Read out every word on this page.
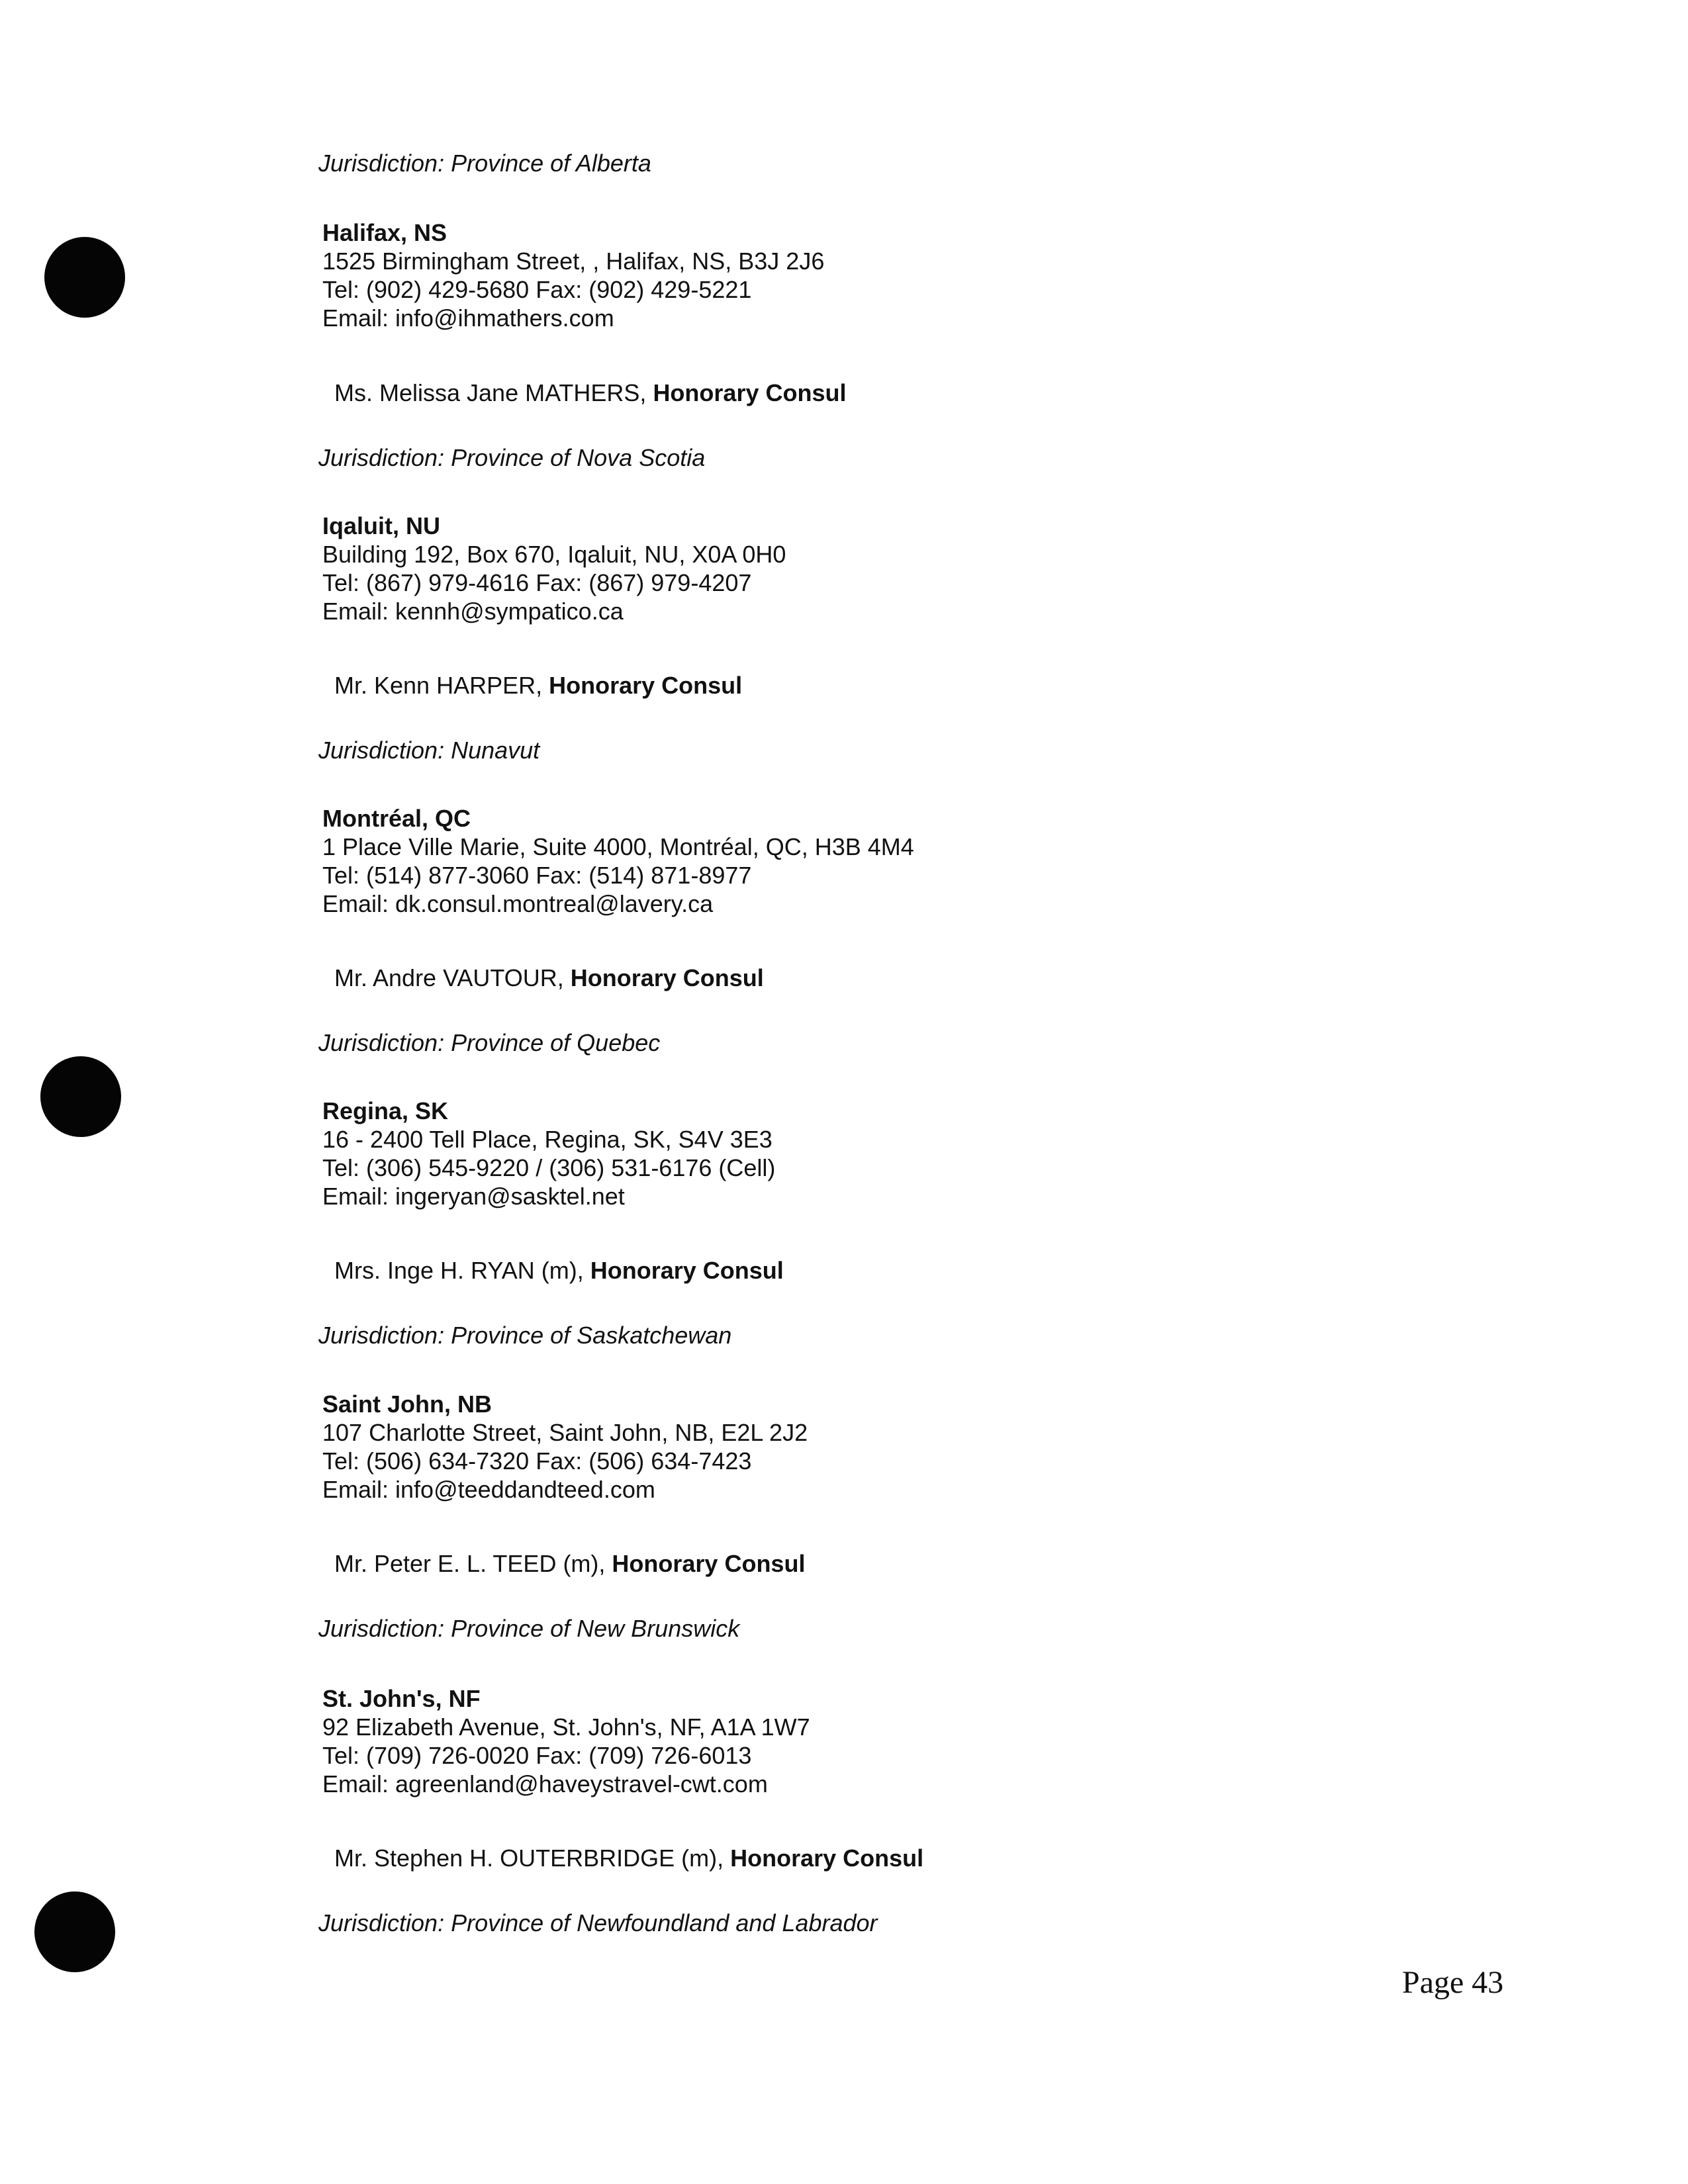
Jurisdiction: Province of Alberta
Halifax, NS
1525 Birmingham Street, , Halifax, NS, B3J 2J6
Tel: (902) 429-5680 Fax: (902) 429-5221
Email: info@ihmathers.com
Ms. Melissa Jane MATHERS, Honorary Consul
Jurisdiction: Province of Nova Scotia
Iqaluit, NU
Building 192, Box 670, Iqaluit, NU, X0A 0H0
Tel: (867) 979-4616 Fax: (867) 979-4207
Email: kennh@sympatico.ca
Mr. Kenn HARPER, Honorary Consul
Jurisdiction: Nunavut
Montréal, QC
1 Place Ville Marie, Suite 4000, Montréal, QC, H3B 4M4
Tel: (514) 877-3060 Fax: (514) 871-8977
Email: dk.consul.montreal@lavery.ca
Mr. Andre VAUTOUR, Honorary Consul
Jurisdiction: Province of Quebec
Regina, SK
16 - 2400 Tell Place, Regina, SK, S4V 3E3
Tel: (306) 545-9220 / (306) 531-6176 (Cell)
Email: ingeryan@sasktel.net
Mrs. Inge H. RYAN (m), Honorary Consul
Jurisdiction: Province of Saskatchewan
Saint John, NB
107 Charlotte Street, Saint John, NB, E2L 2J2
Tel: (506) 634-7320 Fax: (506) 634-7423
Email: info@teeddandteed.com
Mr. Peter E. L. TEED (m), Honorary Consul
Jurisdiction: Province of New Brunswick
St. John's, NF
92 Elizabeth Avenue, St. John's, NF, A1A 1W7
Tel: (709) 726-0020 Fax: (709) 726-6013
Email: agreenland@haveystravel-cwt.com
Mr. Stephen H. OUTERBRIDGE (m), Honorary Consul
Jurisdiction: Province of Newfoundland and Labrador
Page 43
